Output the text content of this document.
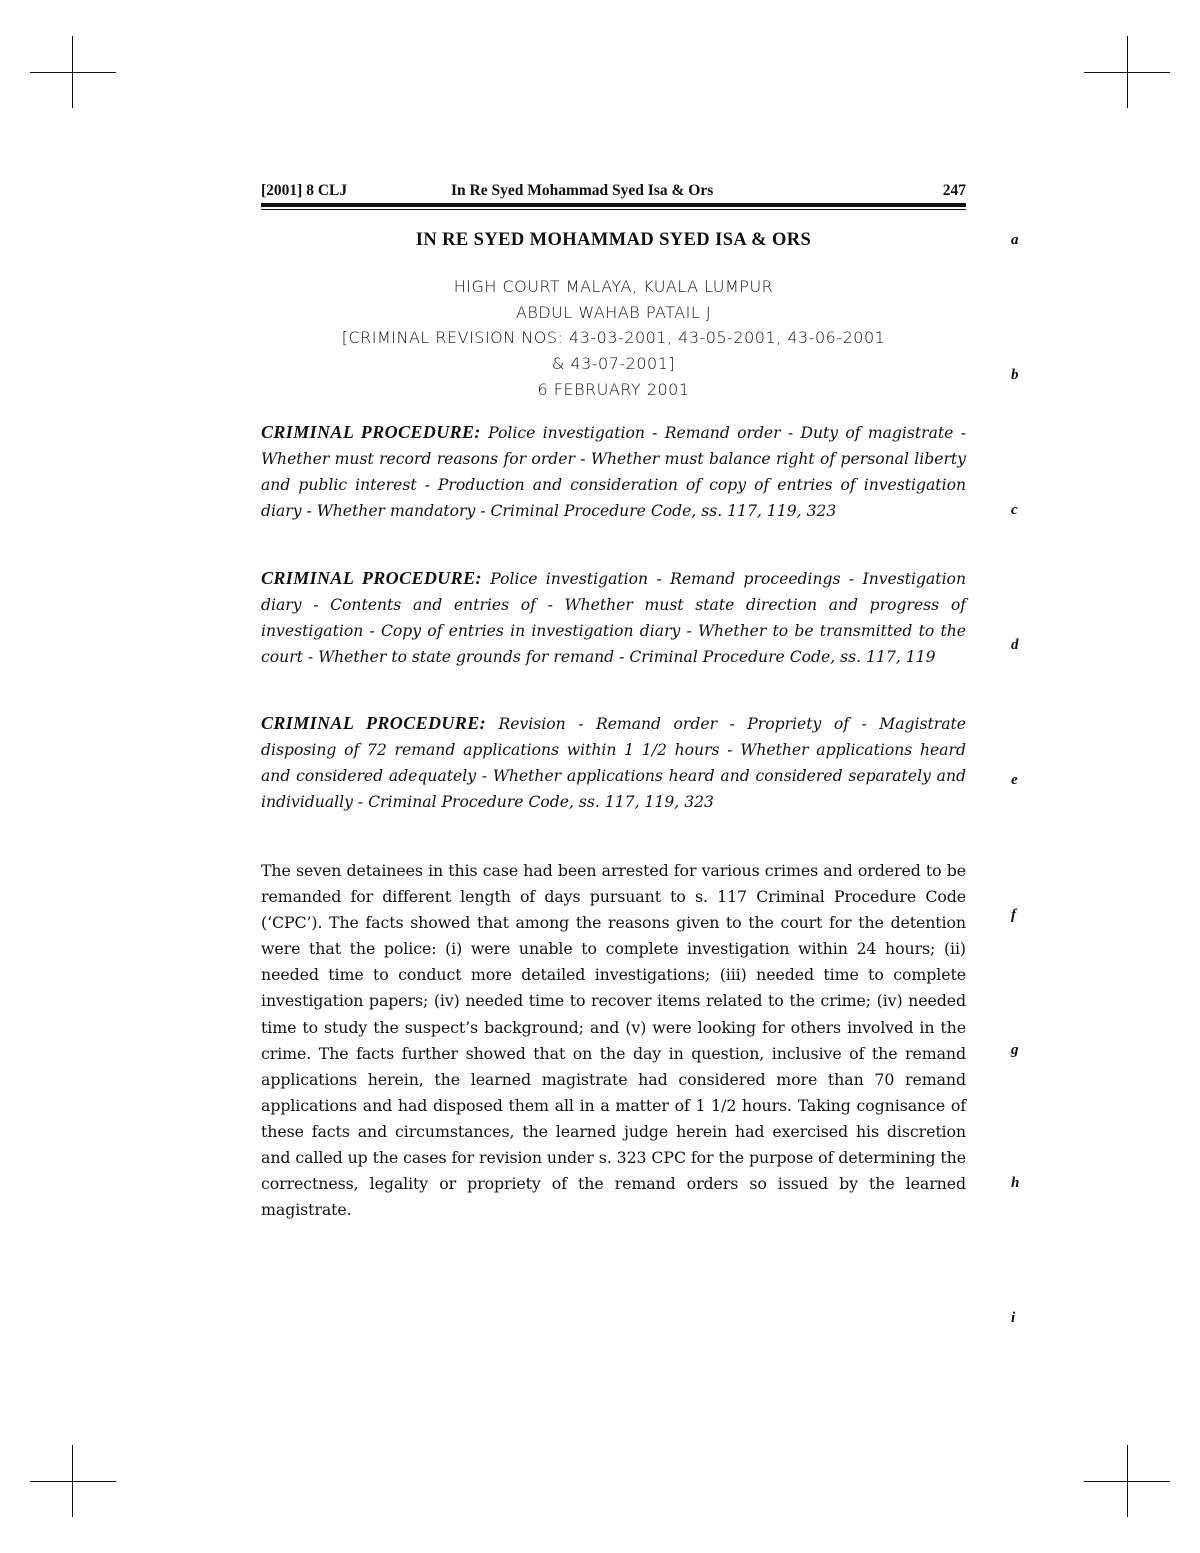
[2001] 8 CLJ	In Re Syed Mohammad Syed Isa & Ors	247
IN RE SYED MOHAMMAD SYED ISA & ORS
HIGH COURT MALAYA, KUALA LUMPUR
ABDUL WAHAB PATAIL J
[CRIMINAL REVISION NOS: 43-03-2001, 43-05-2001, 43-06-2001
& 43-07-2001]
6 FEBRUARY 2001
CRIMINAL PROCEDURE: Police investigation - Remand order - Duty of magistrate - Whether must record reasons for order - Whether must balance right of personal liberty and public interest - Production and consideration of copy of entries of investigation diary - Whether mandatory - Criminal Procedure Code, ss. 117, 119, 323
CRIMINAL PROCEDURE: Police investigation - Remand proceedings - Investigation diary - Contents and entries of - Whether must state direction and progress of investigation - Copy of entries in investigation diary - Whether to be transmitted to the court - Whether to state grounds for remand - Criminal Procedure Code, ss. 117, 119
CRIMINAL PROCEDURE: Revision - Remand order - Propriety of - Magistrate disposing of 72 remand applications within 1 1/2 hours - Whether applications heard and considered adequately - Whether applications heard and considered separately and individually - Criminal Procedure Code, ss. 117, 119, 323
The seven detainees in this case had been arrested for various crimes and ordered to be remanded for different length of days pursuant to s. 117 Criminal Procedure Code (‘CPC’). The facts showed that among the reasons given to the court for the detention were that the police: (i) were unable to complete investigation within 24 hours; (ii) needed time to conduct more detailed investigations; (iii) needed time to complete investigation papers; (iv) needed time to recover items related to the crime; (iv) needed time to study the suspect’s background; and (v) were looking for others involved in the crime. The facts further showed that on the day in question, inclusive of the remand applications herein, the learned magistrate had considered more than 70 remand applications and had disposed them all in a matter of 1 1/2 hours. Taking cognisance of these facts and circumstances, the learned judge herein had exercised his discretion and called up the cases for revision under s. 323 CPC for the purpose of determining the correctness, legality or propriety of the remand orders so issued by the learned magistrate.
a
b
c
d
e
f
g
h
i
